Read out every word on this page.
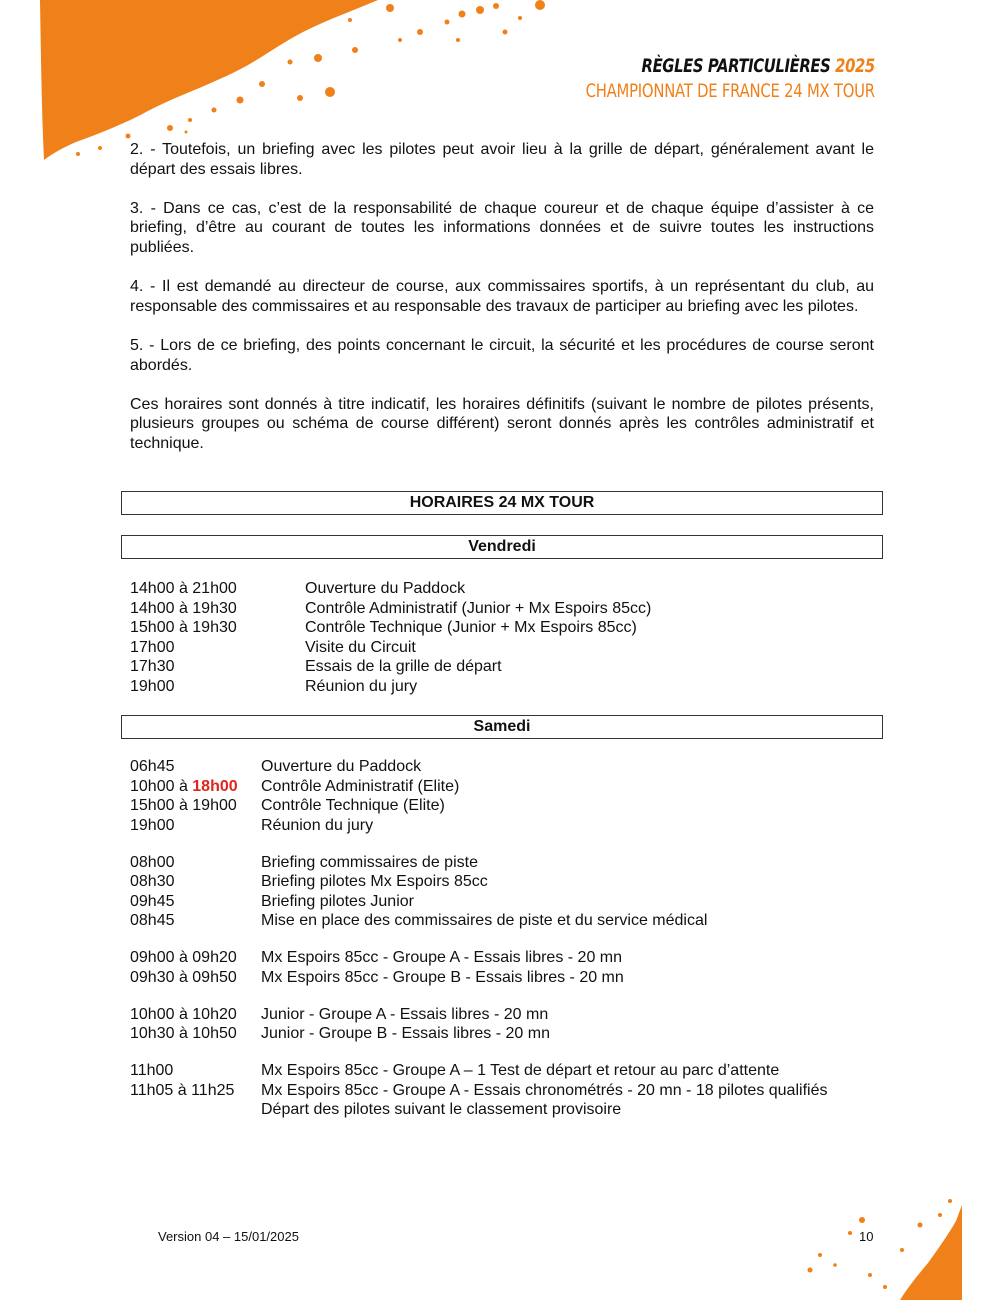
RÈGLES PARTICULIÈRES 2025
CHAMPIONNAT DE FRANCE 24 MX TOUR

2. - Toutefois, un briefing avec les pilotes peut avoir lieu à la grille de départ, généralement avant le départ des essais libres.

3. - Dans ce cas, c’est de la responsabilité de chaque coureur et de chaque équipe d’assister à ce briefing, d’être au courant de toutes les informations données et de suivre toutes les instructions publiées.

4. - Il est demandé au directeur de course, aux commissaires sportifs, à un représentant du club, au responsable des commissaires et au responsable des travaux de participer au briefing avec les pilotes.

5. - Lors de ce briefing, des points concernant le circuit, la sécurité et les procédures de course seront abordés.

Ces horaires sont donnés à titre indicatif, les horaires définitifs (suivant le nombre de pilotes présents, plusieurs groupes ou schéma de course différent) seront donnés après les contrôles administratif et technique.

HORAIRES 24 MX TOUR
Vendredi
14h00 à 21h00	Ouverture du Paddock
14h00 à 19h30	Contrôle Administratif (Junior + Mx Espoirs 85cc)
15h00 à 19h30	Contrôle Technique (Junior + Mx Espoirs 85cc)
17h00	Visite du Circuit
17h30	Essais de la grille de départ
19h00	Réunion du jury
Samedi
06h45	Ouverture du Paddock
10h00 à 18h00	Contrôle Administratif (Elite)
15h00 à 19h00	Contrôle Technique (Elite)
19h00	Réunion du jury
08h00	Briefing commissaires de piste
08h30	Briefing pilotes Mx Espoirs 85cc
09h45	Briefing pilotes Junior
08h45	Mise en place des commissaires de piste et du service médical
09h00 à 09h20	Mx Espoirs 85cc - Groupe A - Essais libres - 20 mn
09h30 à 09h50	Mx Espoirs 85cc - Groupe B - Essais libres - 20 mn
10h00 à 10h20	Junior - Groupe A - Essais libres - 20 mn
10h30 à 10h50	Junior - Groupe B - Essais libres - 20 mn
11h00	Mx Espoirs 85cc - Groupe A – 1 Test de départ et retour au parc d’attente
11h05 à 11h25	Mx Espoirs 85cc - Groupe A - Essais chronométrés - 20 mn - 18 pilotes qualifiés
Départ des pilotes suivant le classement provisoire
Version 04 – 15/01/2025	10
